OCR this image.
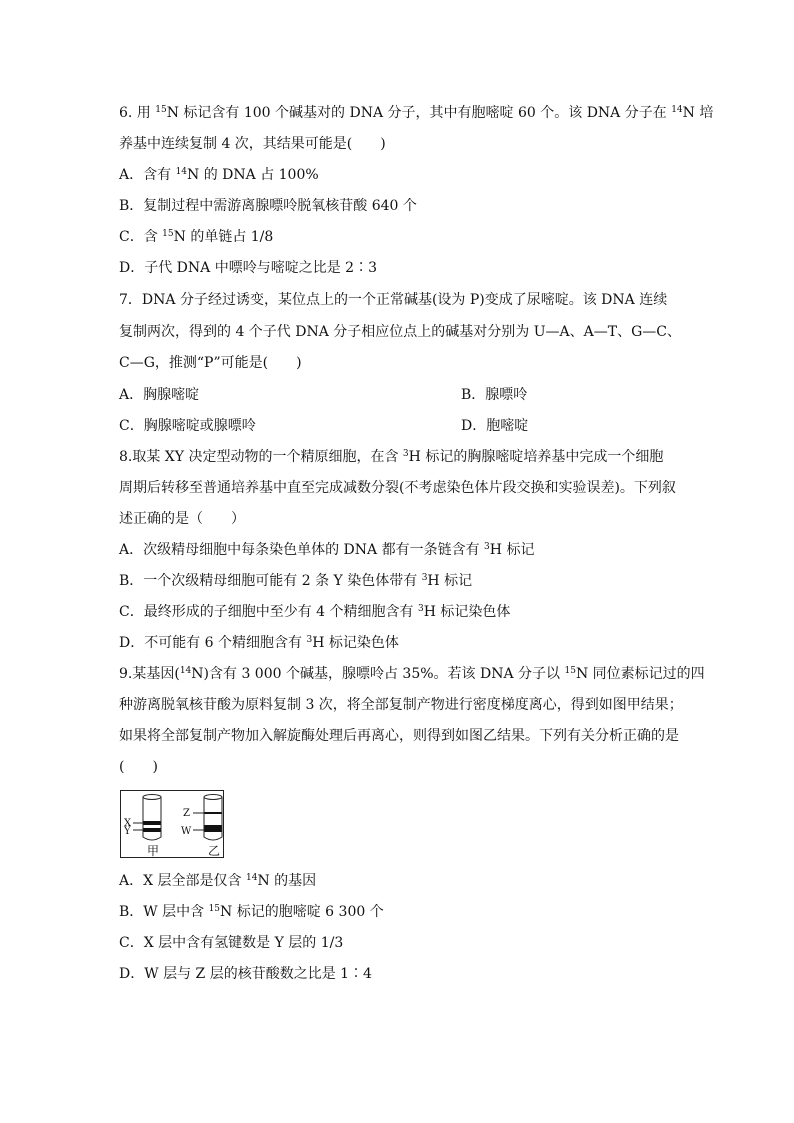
6. 用 $^{15}$N 标记含有 100 个碱基对的 DNA 分子，其中有胞嘧啶 60 个。该 DNA 分子在 $^{14}$N 培
养基中连续复制 4 次，其结果可能是(　　)
A．含有 $^{14}$N 的 DNA 占 100%
B．复制过程中需游离腺嘌呤脱氧核苷酸 640 个
C．含 $^{15}$N 的单链占 1/8
D．子代 DNA 中嘌呤与嘧啶之比是 2∶3
7．DNA 分子经过诱变，某位点上的一个正常碱基(设为 P)变成了尿嘧啶。该 DNA 连续
复制两次，得到的 4 个子代 DNA 分子相应位点上的碱基对分别为 U—A、A—T、G—C、
C—G，推测“P”可能是(　　)
A．胸腺嘧啶	B．腺嘌呤
C．胸腺嘧啶或腺嘌呤	D．胞嘧啶
8.取某 XY 决定型动物的一个精原细胞，在含 $^3$H 标记的胸腺嘧啶培养基中完成一个细胞
周期后转移至普通培养基中直至完成减数分裂(不考虑染色体片段交换和实验误差)。下列叙
述正确的是（　　）
A．次级精母细胞中每条染色单体的 DNA 都有一条链含有 $^3$H 标记
B．一个次级精母细胞可能有 2 条 Y 染色体带有 $^3$H 标记
C．最终形成的子细胞中至少有 4 个精细胞含有 $^3$H 标记染色体
D．不可能有 6 个精细胞含有 $^3$H 标记染色体
9.某基因($^{14}$N)含有 3 000 个碱基，腺嘌呤占 35%。若该 DNA 分子以 $^{15}$N 同位素标记过的四
种游离脱氧核苷酸为原料复制 3 次，将全部复制产物进行密度梯度离心，得到如图甲结果；
如果将全部复制产物加入解旋酶处理后再离心，则得到如图乙结果。下列有关分析正确的是
(　　)
X
Y
Z
W
甲	乙
A．X 层全部是仅含 $^{14}$N 的基因
B．W 层中含 $^{15}$N 标记的胞嘧啶 6 300 个
C．X 层中含有氢键数是 Y 层的 1/3
D．W 层与 Z 层的核苷酸数之比是 1∶4
